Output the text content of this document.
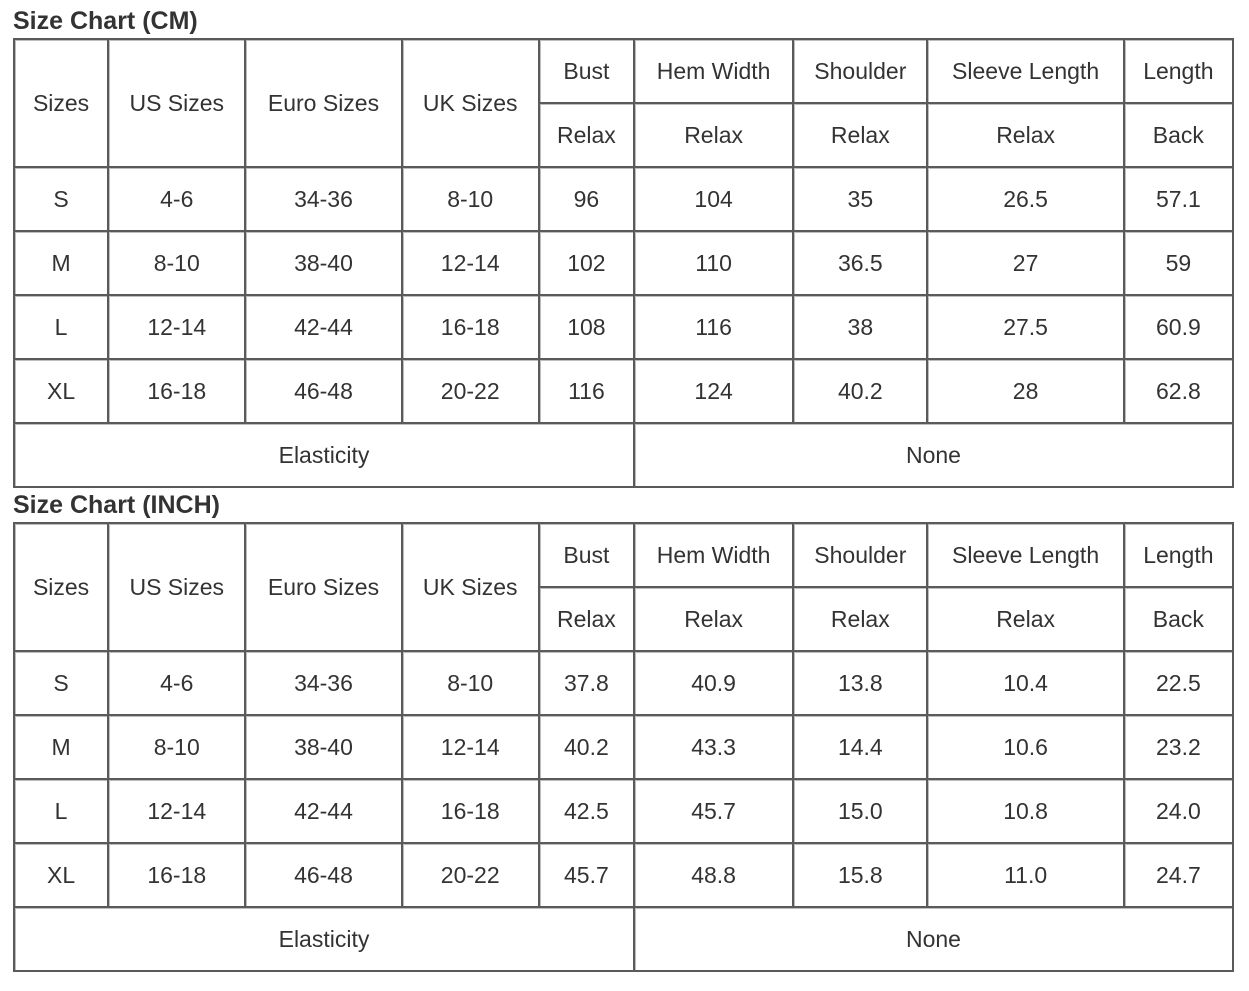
Size Chart (CM)
Sizes	US Sizes	Euro Sizes	UK Sizes	Bust	Hem Width	Shoulder	Sleeve Length	Length
				Relax	Relax	Relax	Relax	Back
S	4-6	34-36	8-10	96	104	35	26.5	57.1
M	8-10	38-40	12-14	102	110	36.5	27	59
L	12-14	42-44	16-18	108	116	38	27.5	60.9
XL	16-18	46-48	20-22	116	124	40.2	28	62.8
Elasticity					None			
Size Chart (INCH)
Sizes	US Sizes	Euro Sizes	UK Sizes	Bust	Hem Width	Shoulder	Sleeve Length	Length
				Relax	Relax	Relax	Relax	Back
S	4-6	34-36	8-10	37.8	40.9	13.8	10.4	22.5
M	8-10	38-40	12-14	40.2	43.3	14.4	10.6	23.2
L	12-14	42-44	16-18	42.5	45.7	15.0	10.8	24.0
XL	16-18	46-48	20-22	45.7	48.8	15.8	11.0	24.7
Elasticity					None			
